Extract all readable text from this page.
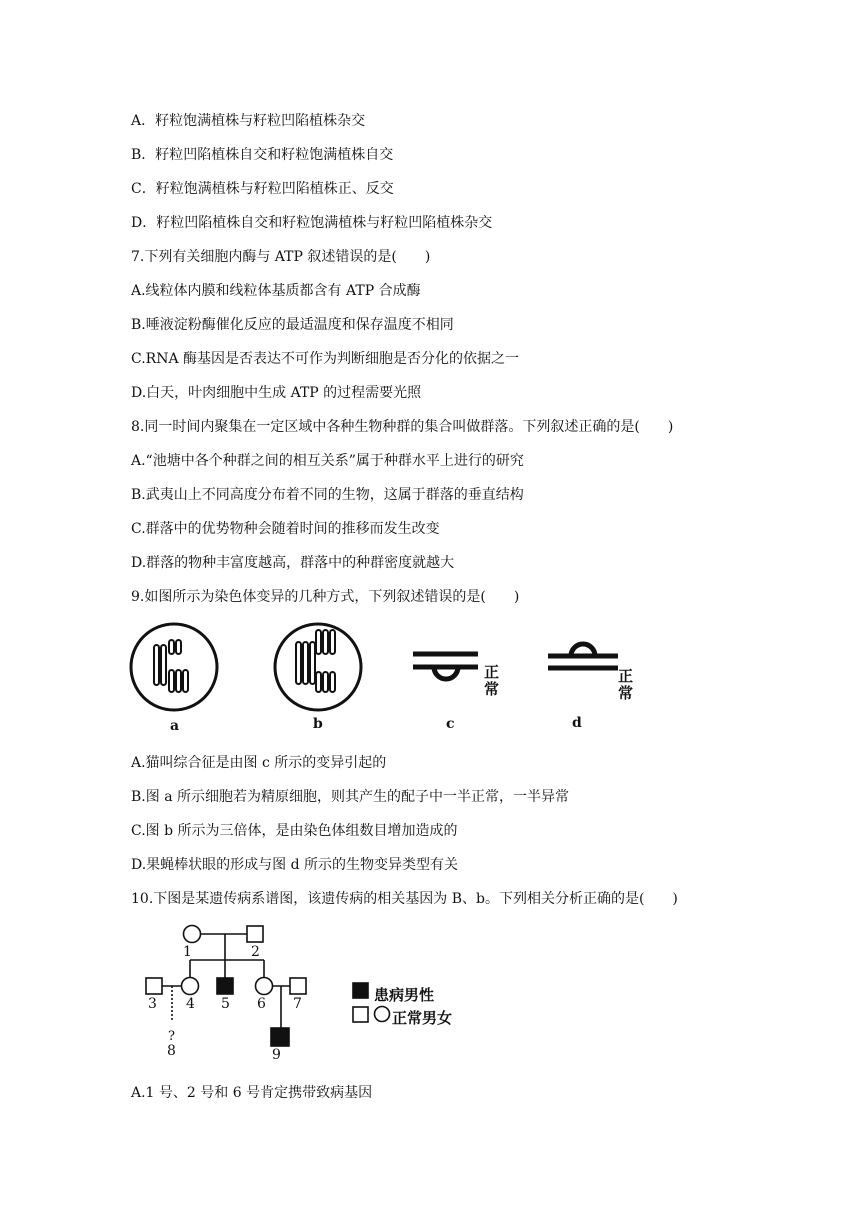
A．籽粒饱满植株与籽粒凹陷植株杂交
B．籽粒凹陷植株自交和籽粒饱满植株自交
C．籽粒饱满植株与籽粒凹陷植株正、反交
D．籽粒凹陷植株自交和籽粒饱满植株与籽粒凹陷植株杂交
7.下列有关细胞内酶与 ATP 叙述错误的是(　　)
A.线粒体内膜和线粒体基质都含有 ATP 合成酶
B.唾液淀粉酶催化反应的最适温度和保存温度不相同
C.RNA 酶基因是否表达不可作为判断细胞是否分化的依据之一
D.白天，叶肉细胞中生成 ATP 的过程需要光照
8.同一时间内聚集在一定区域中各种生物种群的集合叫做群落。下列叙述正确的是(　　)
A.“池塘中各个种群之间的相互关系”属于种群水平上进行的研究
B.武夷山上不同高度分布着不同的生物，这属于群落的垂直结构
C.群落中的优势物种会随着时间的推移而发生改变
D.群落的物种丰富度越高，群落中的种群密度就越大
9.如图所示为染色体变异的几种方式，下列叙述错误的是(　　)
a	b	c	d
正常
正常
A.猫叫综合征是由图 c 所示的变异引起的
B.图 a 所示细胞若为精原细胞，则其产生的配子中一半正常，一半异常
C.图 b 所示为三倍体，是由染色体组数目增加造成的
D.果蝇棒状眼的形成与图 d 所示的生物变异类型有关
10.下图是某遗传病系谱图，该遗传病的相关基因为 B、b。下列相关分析正确的是(　　)
1	2
3 4 5 6 7
?
8	9
患病男性
正常男女
A.1 号、2 号和 6 号肯定携带致病基因
